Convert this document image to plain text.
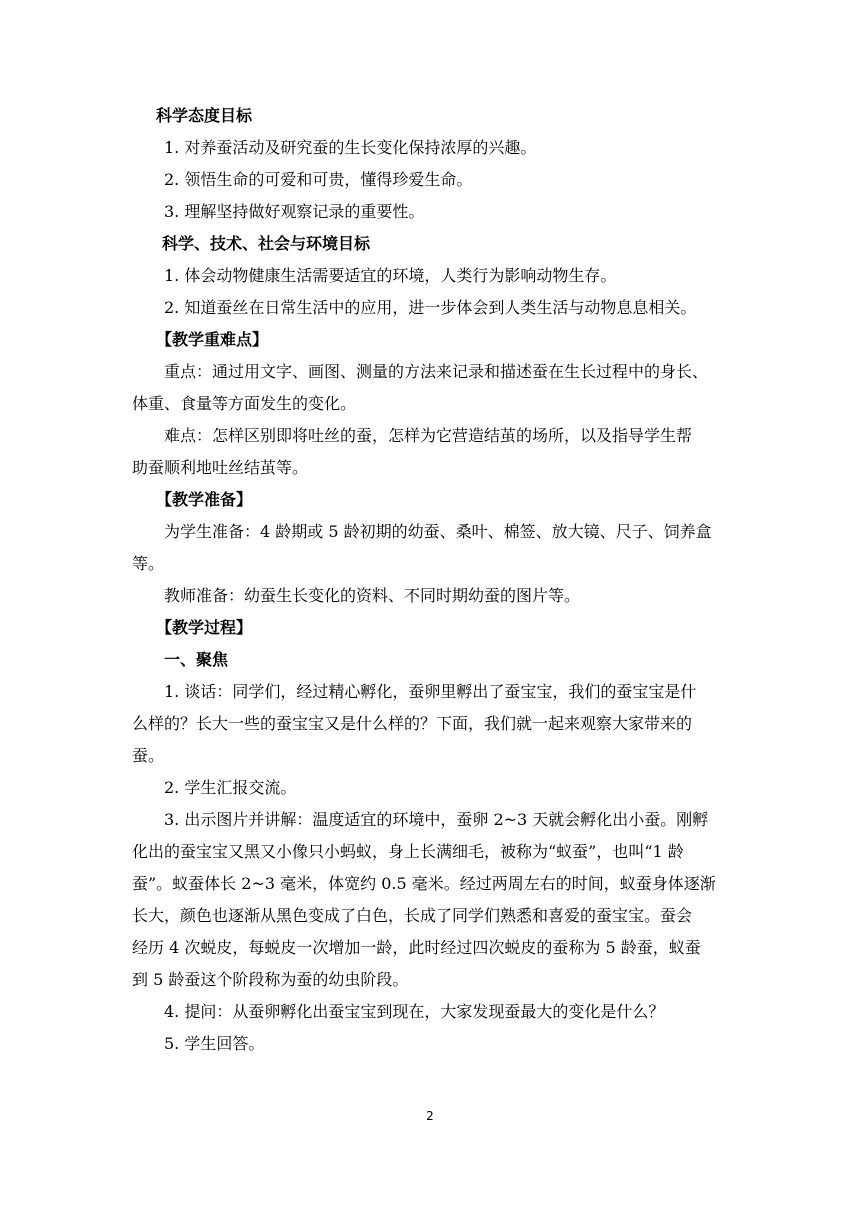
科学态度目标

1. 对养蚕活动及研究蚕的生长变化保持浓厚的兴趣。

2. 领悟生命的可爱和可贵，懂得珍爱生命。

3. 理解坚持做好观察记录的重要性。

科学、技术、社会与环境目标

1. 体会动物健康生活需要适宜的环境，人类行为影响动物生存。

2. 知道蚕丝在日常生活中的应用，进一步体会到人类生活与动物息息相关。

【教学重难点】

重点：通过用文字、画图、测量的方法来记录和描述蚕在生长过程中的身长、

体重、食量等方面发生的变化。

难点：怎样区别即将吐丝的蚕，怎样为它营造结茧的场所，以及指导学生帮

助蚕顺利地吐丝结茧等。

【教学准备】

为学生准备：4 龄期或 5 龄初期的幼蚕、桑叶、棉签、放大镜、尺子、饲养盒

等。

教师准备：幼蚕生长变化的资料、不同时期幼蚕的图片等。

【教学过程】

一、聚焦

1. 谈话：同学们，经过精心孵化，蚕卵里孵出了蚕宝宝，我们的蚕宝宝是什

么样的？长大一些的蚕宝宝又是什么样的？下面，我们就一起来观察大家带来的

蚕。

2. 学生汇报交流。

3. 出示图片并讲解：温度适宜的环境中，蚕卵 2~3 天就会孵化出小蚕。刚孵

化出的蚕宝宝又黑又小像只小蚂蚁，身上长满细毛，被称为“蚁蚕”，也叫“1 龄

蚕”。蚁蚕体长 2~3 毫米，体宽约 0.5 毫米。经过两周左右的时间，蚁蚕身体逐渐

长大，颜色也逐渐从黑色变成了白色，长成了同学们熟悉和喜爱的蚕宝宝。蚕会

经历 4 次蜕皮，每蜕皮一次增加一龄，此时经过四次蜕皮的蚕称为 5 龄蚕，蚁蚕

到 5 龄蚕这个阶段称为蚕的幼虫阶段。

4. 提问：从蚕卵孵化出蚕宝宝到现在，大家发现蚕最大的变化是什么？

5. 学生回答。

2
